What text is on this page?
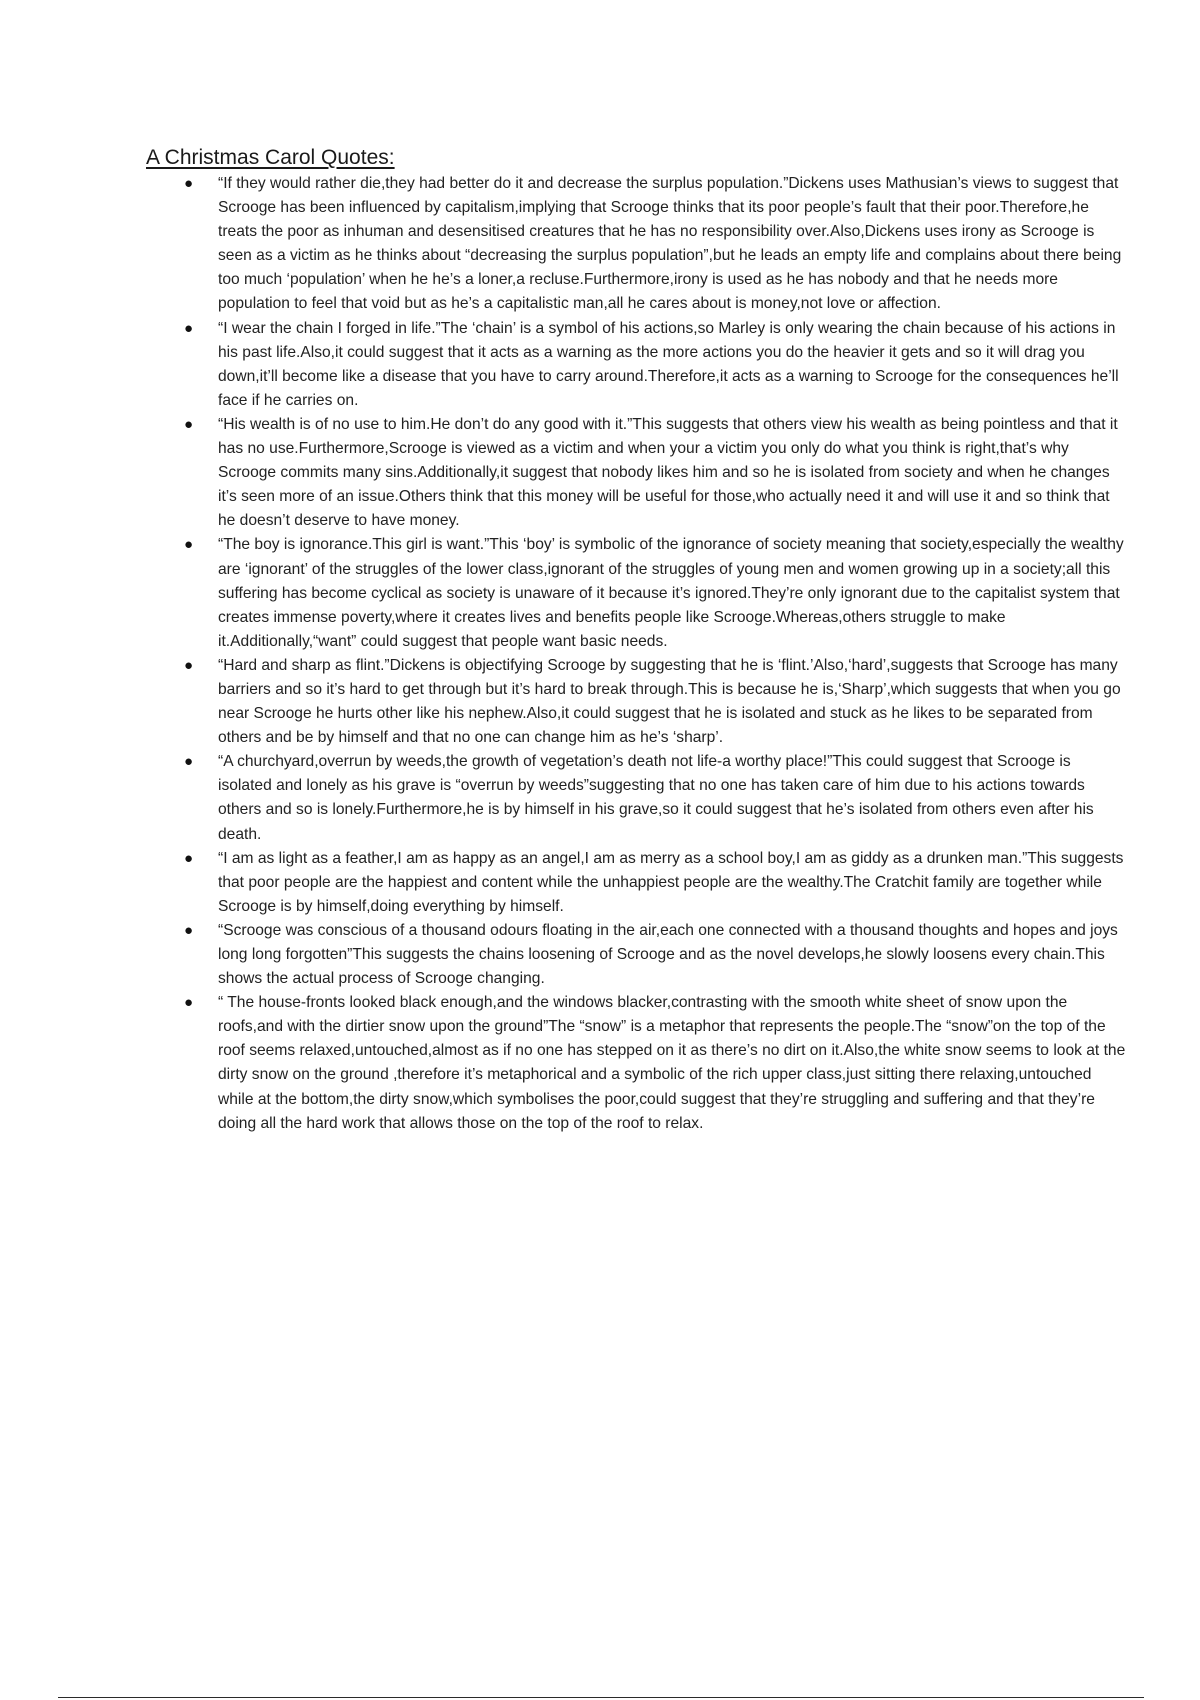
A Christmas Carol Quotes:
● “If they would rather die,they had better do it and decrease the surplus population.”Dickens uses Mathusian’s views to suggest that Scrooge has been influenced by capitalism,implying that Scrooge thinks that its poor people’s fault that their poor.Therefore,he treats the poor as inhuman and desensitised creatures that he has no responsibility over.Also,Dickens uses irony as Scrooge is seen as a victim as he thinks about “decreasing the surplus population”,but he leads an empty life and complains about there being too much ‘population’ when he he’s a loner,a recluse.Furthermore,irony is used as he has nobody and that he needs more population to feel that void but as he’s a capitalistic man,all he cares about is money,not love or affection.
● “I wear the chain I forged in life.”The ‘chain’ is a symbol of his actions,so Marley is only wearing the chain because of his actions in his past life.Also,it could suggest that it acts as a warning as the more actions you do the heavier it gets and so it will drag you down,it’ll become like a disease that you have to carry around.Therefore,it acts as a warning to Scrooge for the consequences he’ll face if he carries on.
● “His wealth is of no use to him.He don’t do any good with it.”This suggests that others view his wealth as being pointless and that it has no use.Furthermore,Scrooge is viewed as a victim and when your a victim you only do what you think is right,that’s why Scrooge commits many sins.Additionally,it suggest that nobody likes him and so he is isolated from society and when he changes it’s seen more of an issue.Others think that this money will be useful for those,who actually need it and will use it and so think that he doesn’t deserve to have money.
● “The boy is ignorance.This girl is want.”This ‘boy’ is symbolic of the ignorance of society meaning that society,especially the wealthy are ‘ignorant’ of the struggles of the lower class,ignorant of the struggles of young men and women growing up in a society;all this suffering has become cyclical as society is unaware of it because it’s ignored.They’re only ignorant due to the capitalist system that creates immense poverty,where it creates lives and benefits people like Scrooge.Whereas,others struggle to make it.Additionally,“want” could suggest that people want basic needs.
● “Hard and sharp as flint.”Dickens is objectifying Scrooge by suggesting that he is ‘flint.’Also,‘hard’,suggests that Scrooge has many barriers and so it’s hard to get through but it’s hard to break through.This is because he is,‘Sharp’,which suggests that when you go near Scrooge he hurts other like his nephew.Also,it could suggest that he is isolated and stuck as he likes to be separated from others and be by himself and that no one can change him as he’s ‘sharp’.
● “A churchyard,overrun by weeds,the growth of vegetation’s death not life-a worthy place!”This could suggest that Scrooge is isolated and lonely as his grave is “overrun by weeds”suggesting that no one has taken care of him due to his actions towards others and so is lonely.Furthermore,he is by himself in his grave,so it could suggest that he’s isolated from others even after his death.
● “I am as light as a feather,I am as happy as an angel,I am as merry as a school boy,I am as giddy as a drunken man.”This suggests that poor people are the happiest and content while the unhappiest people are the wealthy.The Cratchit family are together while Scrooge is by himself,doing everything by himself.
● “Scrooge was conscious of a thousand odours floating in the air,each one connected with a thousand thoughts and hopes and joys long long forgotten”This suggests the chains loosening of Scrooge and as the novel develops,he slowly loosens every chain.This shows the actual process of Scrooge changing.
● “ The house-fronts looked black enough,and the windows blacker,contrasting with the smooth white sheet of snow upon the roofs,and with the dirtier snow upon the ground”The “snow” is a metaphor that represents the people.The “snow”on the top of the roof seems relaxed,untouched,almost as if no one has stepped on it as there’s no dirt on it.Also,the white snow seems to look at the dirty snow on the ground ,therefore it’s metaphorical and a symbolic of the rich upper class,just sitting there relaxing,untouched while at the bottom,the dirty snow,which symbolises the poor,could suggest that they’re struggling and suffering and that they’re doing all the hard work that allows those on the top of the roof to relax.
